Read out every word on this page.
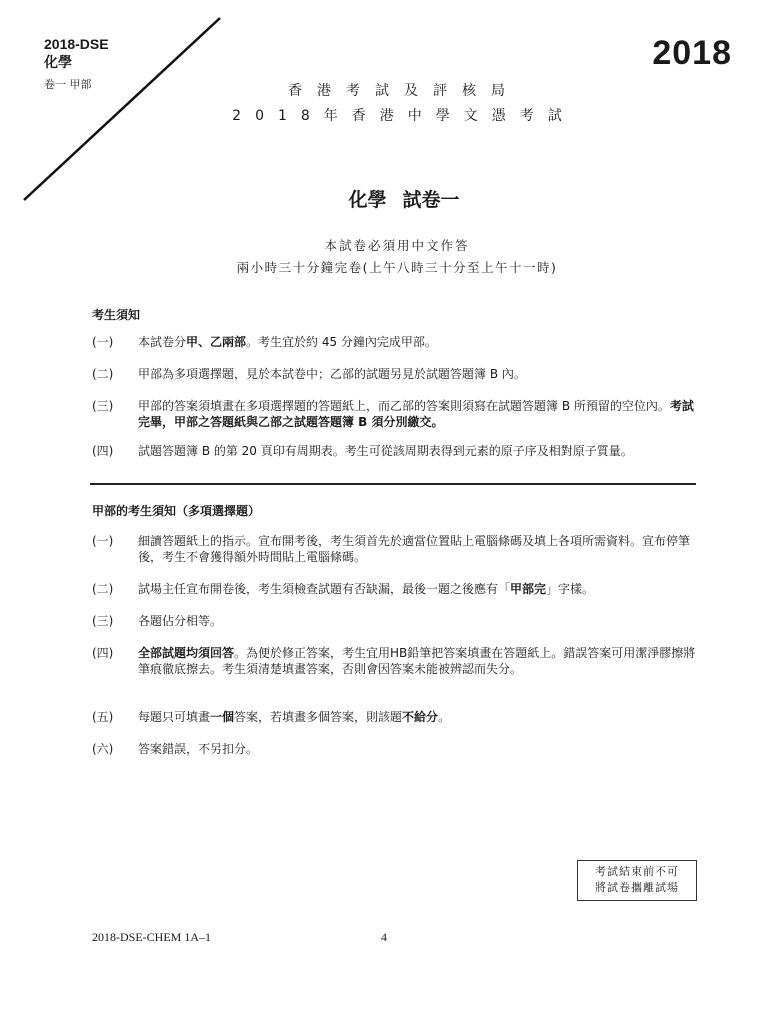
2018-DSE
化學
卷一 甲部
2018
香港考試及評核局
2018年香港中學文憑考試
化學 試卷一
本試卷必須用中文作答
兩小時三十分鐘完卷(上午八時三十分至上午十一時)
考生須知
(一)	本試卷分甲、乙兩部。考生宜於約 45 分鐘內完成甲部。
(二)	甲部為多項選擇題，見於本試卷中；乙部的試題另見於試題答題簿 B 內。
(三)	甲部的答案須填畫在多項選擇題的答題紙上，而乙部的答案則須寫在試題答題簿 B 所預留的空位內。考試完畢，甲部之答題紙與乙部之試題答題簿 B 須分別繳交。
(四)	試題答題簿 B 的第 20 頁印有周期表。考生可從該周期表得到元素的原子序及相對原子質量。
甲部的考生須知（多項選擇題）
(一)	細讀答題紙上的指示。宣布開考後，考生須首先於適當位置貼上電腦條碼及填上各項所需資料。宣布停筆後，考生不會獲得額外時間貼上電腦條碼。
(二)	試場主任宣布開卷後，考生須檢查試題有否缺漏，最後一題之後應有「甲部完」字樣。
(三)	各題佔分相等。
(四)	全部試題均須回答。為便於修正答案，考生宜用HB鉛筆把答案填畫在答題紙上。錯誤答案可用潔淨膠擦將筆痕徹底擦去。考生須清楚填畫答案，否則會因答案未能被辨認而失分。
(五)	每題只可填畫一個答案，若填畫多個答案，則該題不給分。
(六)	答案錯誤，不另扣分。
考試結束前不可
將試卷攜離試場
2018-DSE-CHEM 1A–1	4
